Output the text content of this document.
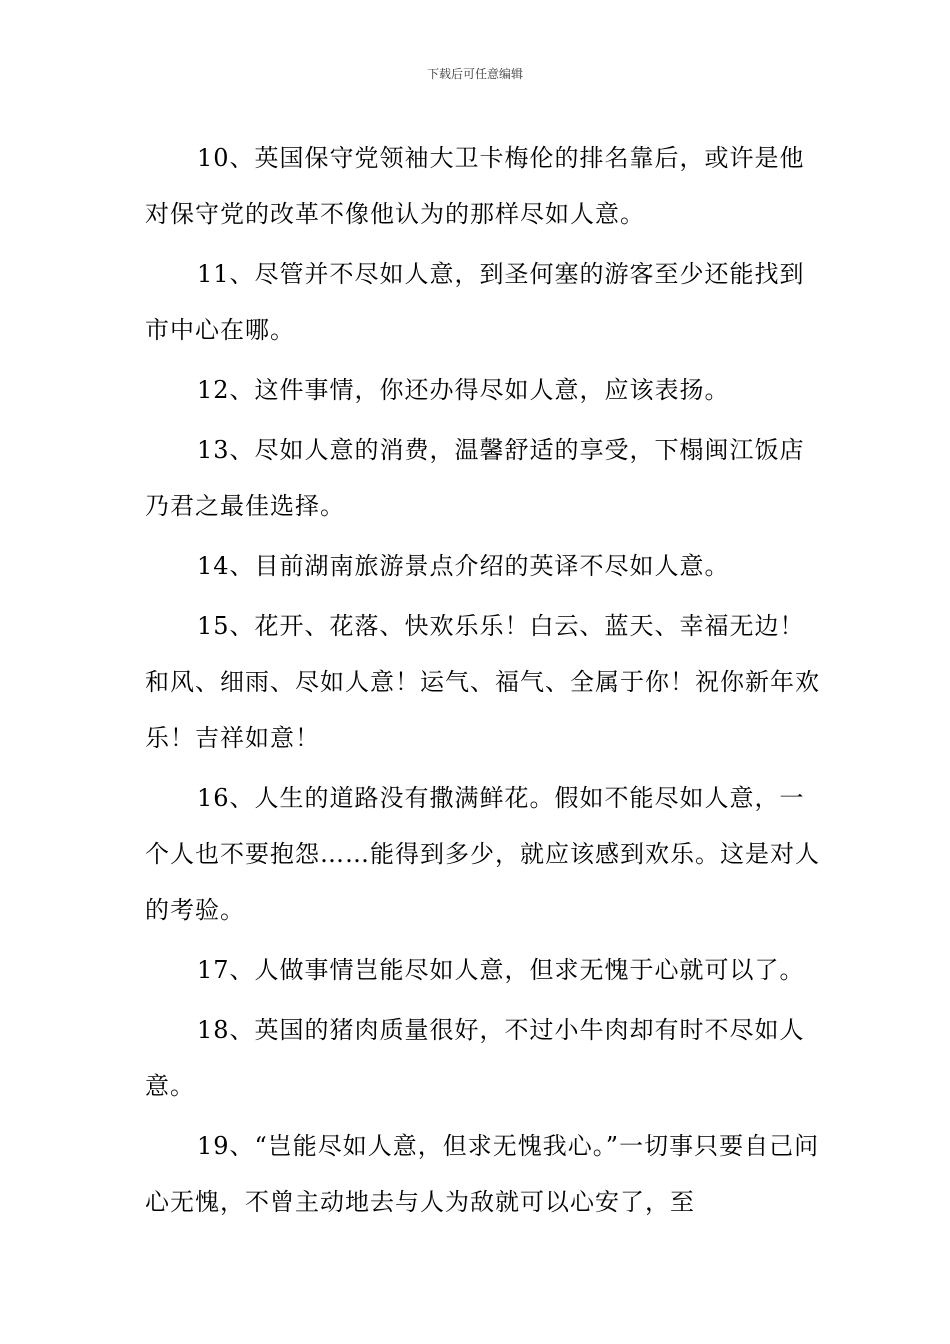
下载后可任意编辑

10、英国保守党领袖大卫卡梅伦的排名靠后，或许是他对保守党的改革不像他认为的那样尽如人意。

11、尽管并不尽如人意，到圣何塞的游客至少还能找到市中心在哪。

12、这件事情，你还办得尽如人意，应该表扬。

13、尽如人意的消费，温馨舒适的享受，下榻闽江饭店乃君之最佳选择。

14、目前湖南旅游景点介绍的英译不尽如人意。

15、花开、花落、快欢乐乐！白云、蓝天、幸福无边！和风、细雨、尽如人意！运气、福气、全属于你！祝你新年欢乐！吉祥如意！

16、人生的道路没有撒满鲜花。假如不能尽如人意，一个人也不要抱怨……能得到多少，就应该感到欢乐。这是对人的考验。

17、人做事情岂能尽如人意，但求无愧于心就可以了。

18、英国的猪肉质量很好，不过小牛肉却有时不尽如人意。

19、“岂能尽如人意，但求无愧我心。”一切事只要自己问心无愧，不曾主动地去与人为敌就可以心安了，至
